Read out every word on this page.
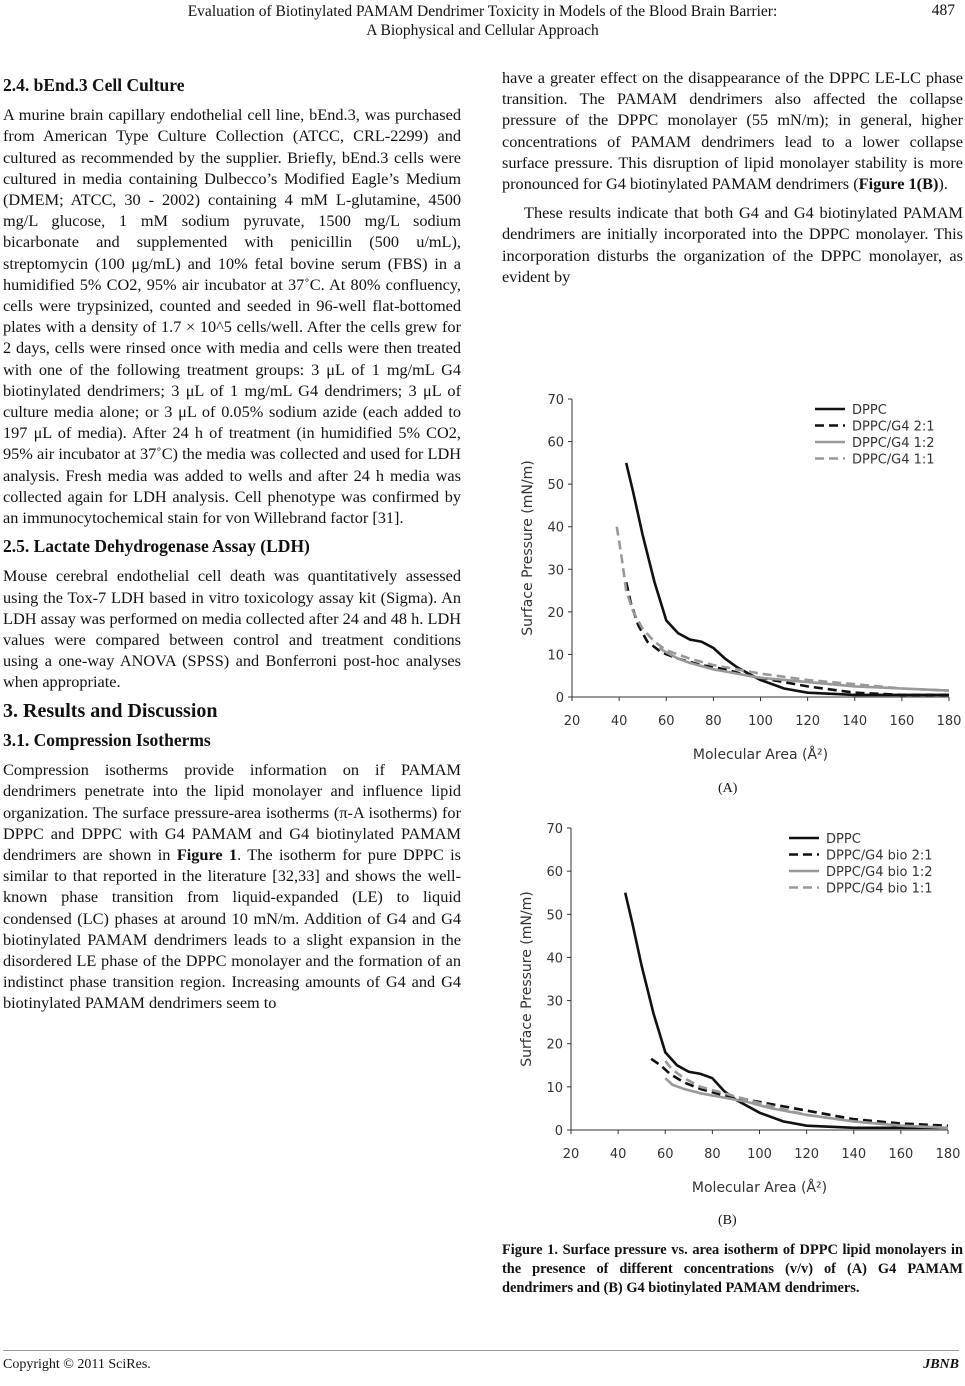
Evaluation of Biotinylated PAMAM Dendrimer Toxicity in Models of the Blood Brain Barrier:
A Biophysical and Cellular Approach
487
2.4. bEnd.3 Cell Culture

A murine brain capillary endothelial cell line, bEnd.3, was purchased from American Type Culture Collection (ATCC, CRL-2299) and cultured as recommended by the supplier. Briefly, bEnd.3 cells were cultured in media containing Dulbecco’s Modified Eagle’s Medium (DMEM; ATCC, 30 - 2002) containing 4 mM L-glutamine, 4500 mg/L glucose, 1 mM sodium pyruvate, 1500 mg/L sodium bicarbonate and supplemented with penicillin (500 u/mL), streptomycin (100 μg/mL) and 10% fetal bovine serum (FBS) in a humidified 5% CO2, 95% air incubator at 37˚C. At 80% confluency, cells were trypsinized, counted and seeded in 96-well flat-bottomed plates with a density of 1.7 × 10^5 cells/well. After the cells grew for 2 days, cells were rinsed once with media and cells were then treated with one of the following treatment groups: 3 μL of 1 mg/mL G4 biotinylated dendrimers; 3 μL of 1 mg/mL G4 dendrimers; 3 μL of culture media alone; or 3 μL of 0.05% sodium azide (each added to 197 μL of media). After 24 h of treatment (in humidified 5% CO2, 95% air incubator at 37˚C) the media was collected and used for LDH analysis. Fresh media was added to wells and after 24 h media was collected again for LDH analysis. Cell phenotype was confirmed by an immunocytochemical stain for von Willebrand factor [31].

2.5. Lactate Dehydrogenase Assay (LDH)

Mouse cerebral endothelial cell death was quantitatively assessed using the Tox-7 LDH based in vitro toxicology assay kit (Sigma). An LDH assay was performed on media collected after 24 and 48 h. LDH values were compared between control and treatment conditions using a one-way ANOVA (SPSS) and Bonferroni post-hoc analyses when appropriate.

3. Results and Discussion
3.1. Compression Isotherms

Compression isotherms provide information on if PAMAM dendrimers penetrate into the lipid monolayer and influence lipid organization. The surface pressure-area isotherms (π-A isotherms) for DPPC and DPPC with G4 PAMAM and G4 biotinylated PAMAM dendrimers are shown in Figure 1. The isotherm for pure DPPC is similar to that reported in the literature [32,33] and shows the well-known phase transition from liquid-expanded (LE) to liquid condensed (LC) phases at around 10 mN/m. Addition of G4 and G4 biotinylated PAMAM dendrimers leads to a slight expansion in the disordered LE phase of the DPPC monolayer and the formation of an indistinct phase transition region. Increasing amounts of G4 and G4 biotinylated PAMAM dendrimers seem to

have a greater effect on the disappearance of the DPPC LE-LC phase transition. The PAMAM dendrimers also affected the collapse pressure of the DPPC monolayer (55 mN/m); in general, higher concentrations of PAMAM dendrimers lead to a lower collapse surface pressure. This disruption of lipid monolayer stability is more pronounced for G4 biotinylated PAMAM dendrimers (Figure 1(B)).

These results indicate that both G4 and G4 biotinylated PAMAM dendrimers are initially incorporated into the DPPC monolayer. This incorporation disturbs the organization of the DPPC monolayer, as evident by

0
10
20
30
40
50
60
70
20 40 60 80 100 120 140 160 180
Molecular Area (Å²)
Surface Pressure (mN/m)
DPPC
DPPC/G4 2:1
DPPC/G4 1:2
DPPC/G4 1:1
(A)
0
10
20
30
40
50
60
70
20 40 60 80 100 120 140 160 180
Molecular Area (Å²)
Surface Pressure (mN/m)
DPPC
DPPC/G4 bio 2:1
DPPC/G4 bio 1:2
DPPC/G4 bio 1:1
(B)
Figure 1. Surface pressure vs. area isotherm of DPPC lipid monolayers in the presence of different concentrations (v/v) of (A) G4 PAMAM dendrimers and (B) G4 biotinylated PAMAM dendrimers.
Copyright © 2011 SciRes.	JBNB
